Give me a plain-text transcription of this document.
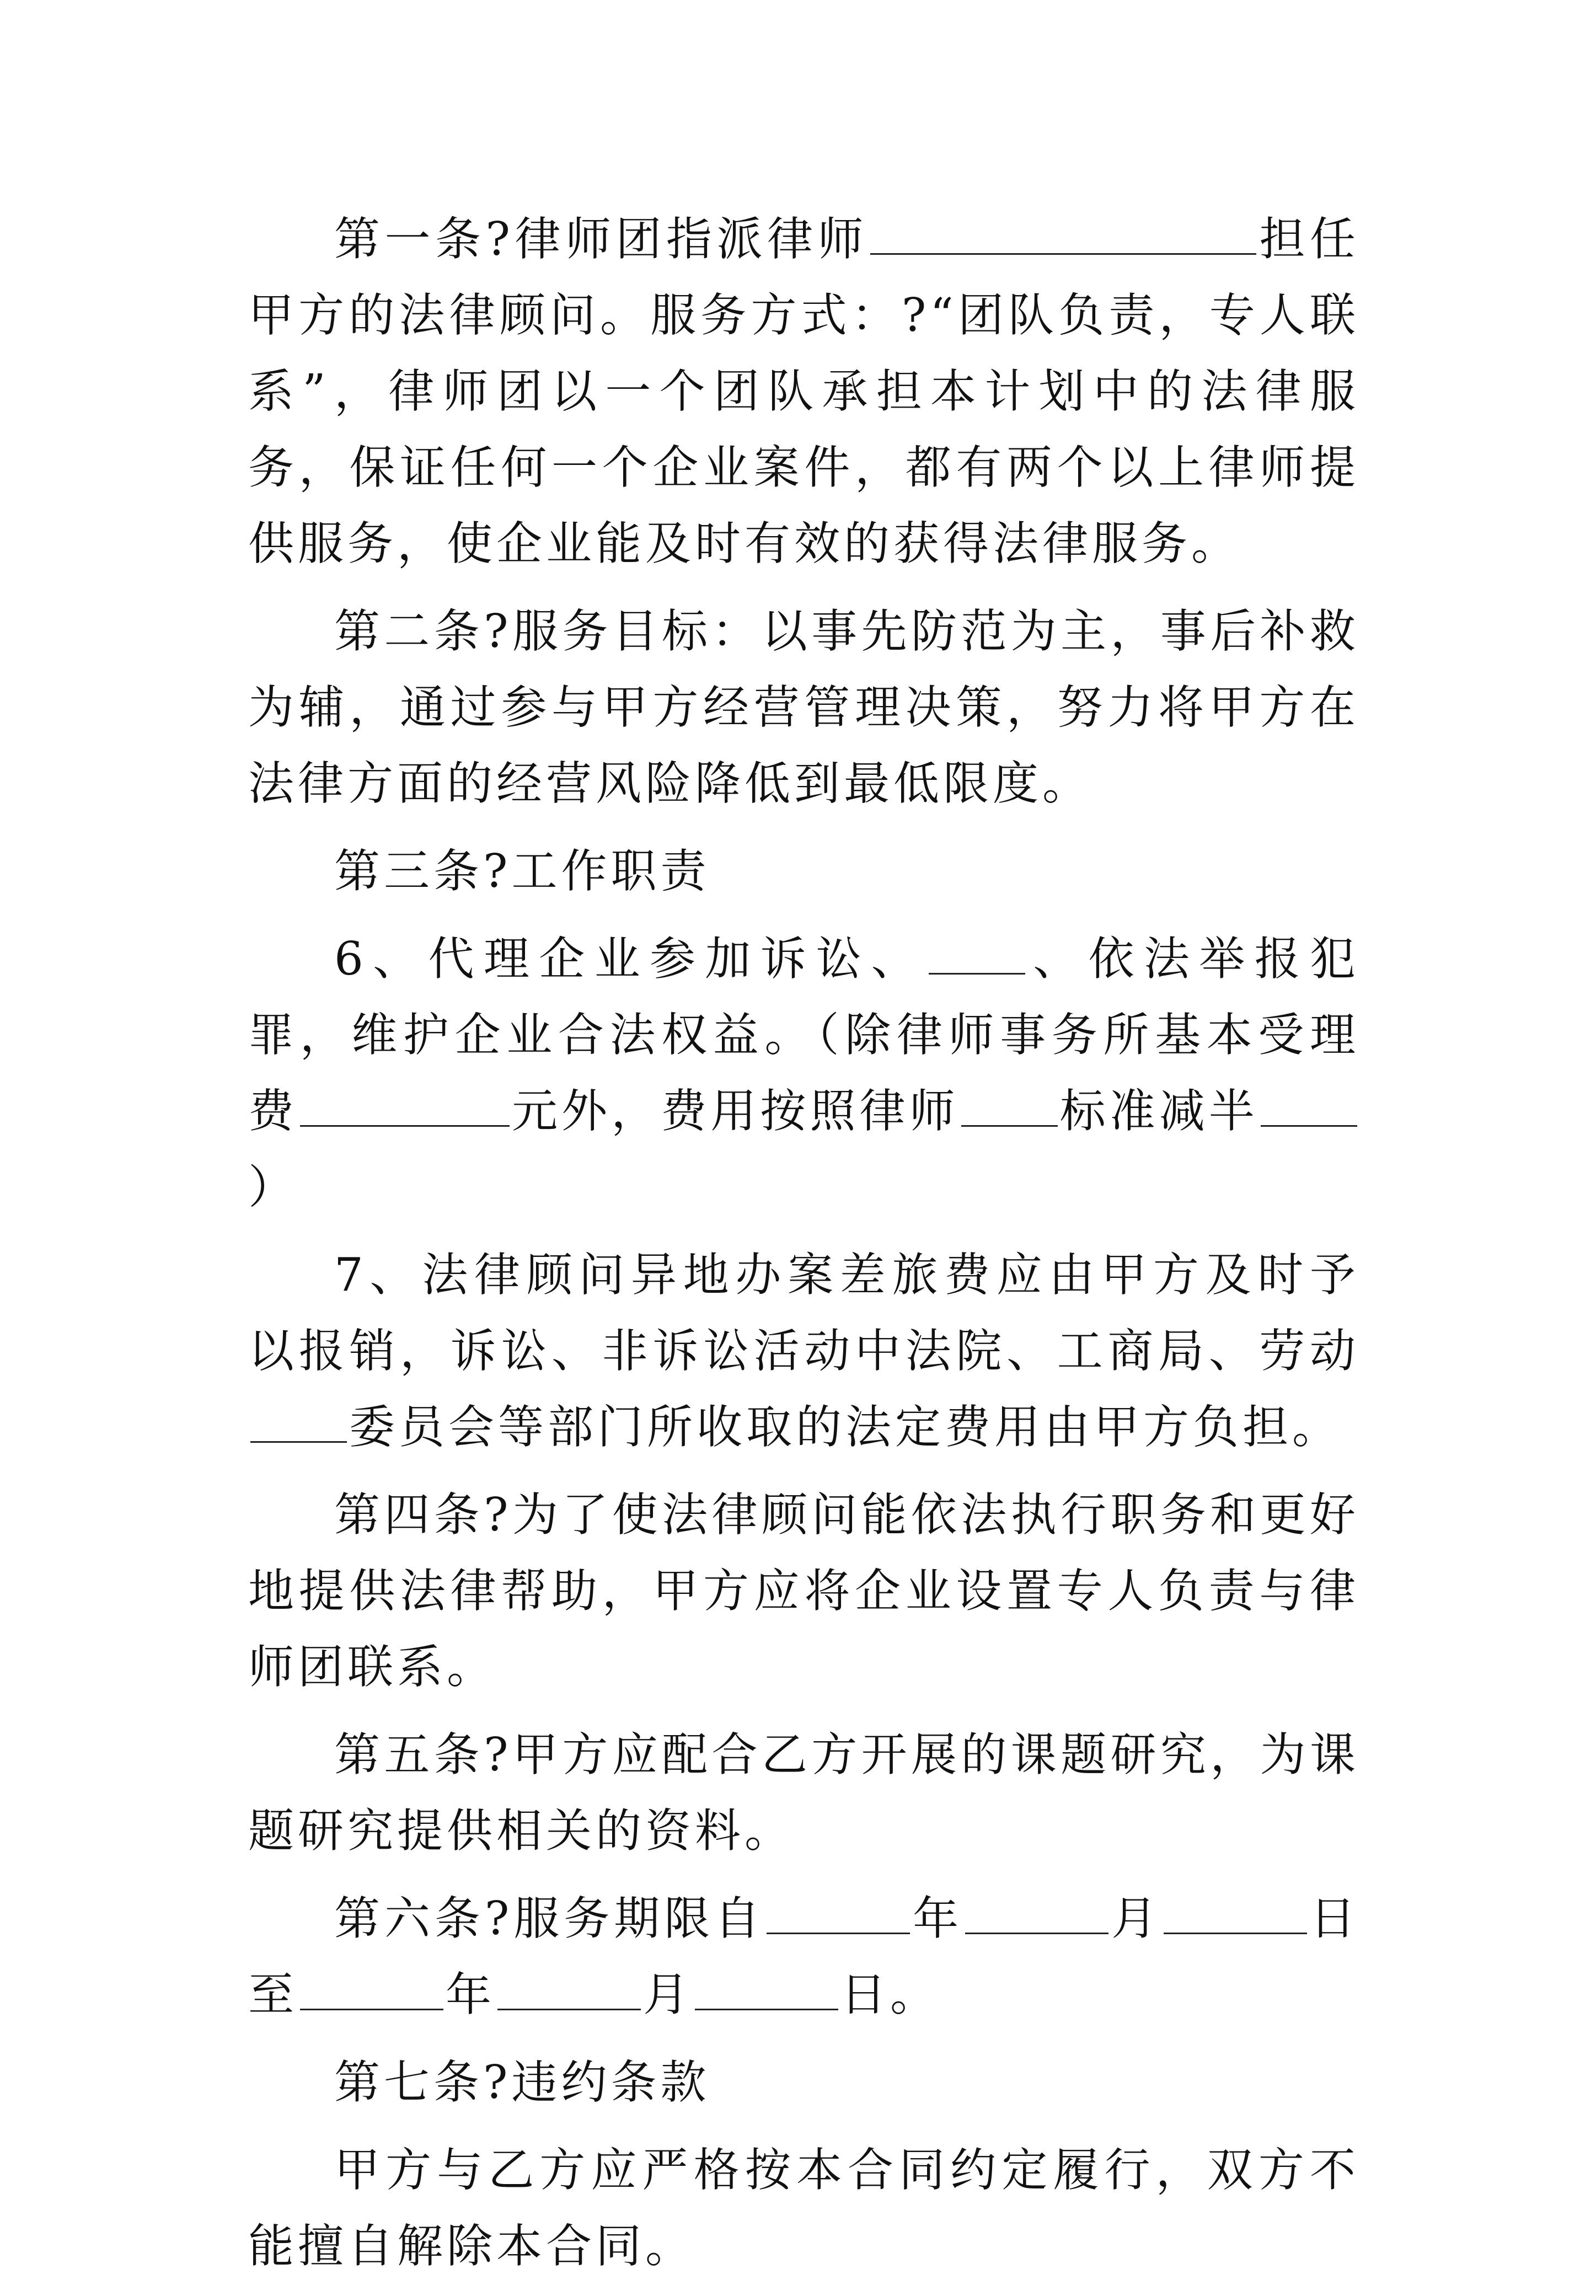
第一条?律师团指派律师	担任甲方的法律顾问。服务方式：?“团队负责，专人联系”，律师团以一个团队承担本计划中的法律服务，保证任何一个企业案件，都有两个以上律师提供服务，使企业能及时有效的获得法律服务。

第二条?服务目标：以事先防范为主，事后补救为辅，通过参与甲方经营管理决策，努力将甲方在法律方面的经营风险降低到最低限度。

第三条?工作职责

6、代理企业参加诉讼、 、依法举报犯罪，维护企业合法权益。（除律师事务所基本受理费	元外，费用按照律师 标准减半）

7、法律顾问异地办案差旅费应由甲方及时予以报销，诉讼、非诉讼活动中法院、工商局、劳动委员会等部门所收取的法定费用由甲方负担。

第四条?为了使法律顾问能依法执行职务和更好地提供法律帮助，甲方应将企业设置专人负责与律师团联系。

第五条?甲方应配合乙方开展的课题研究，为课题研究提供相关的资料。

第六条?服务期限自	年	月	日至	年	月	日。

第七条?违约条款

甲方与乙方应严格按本合同约定履行，双方不能擅自解除本合同。
